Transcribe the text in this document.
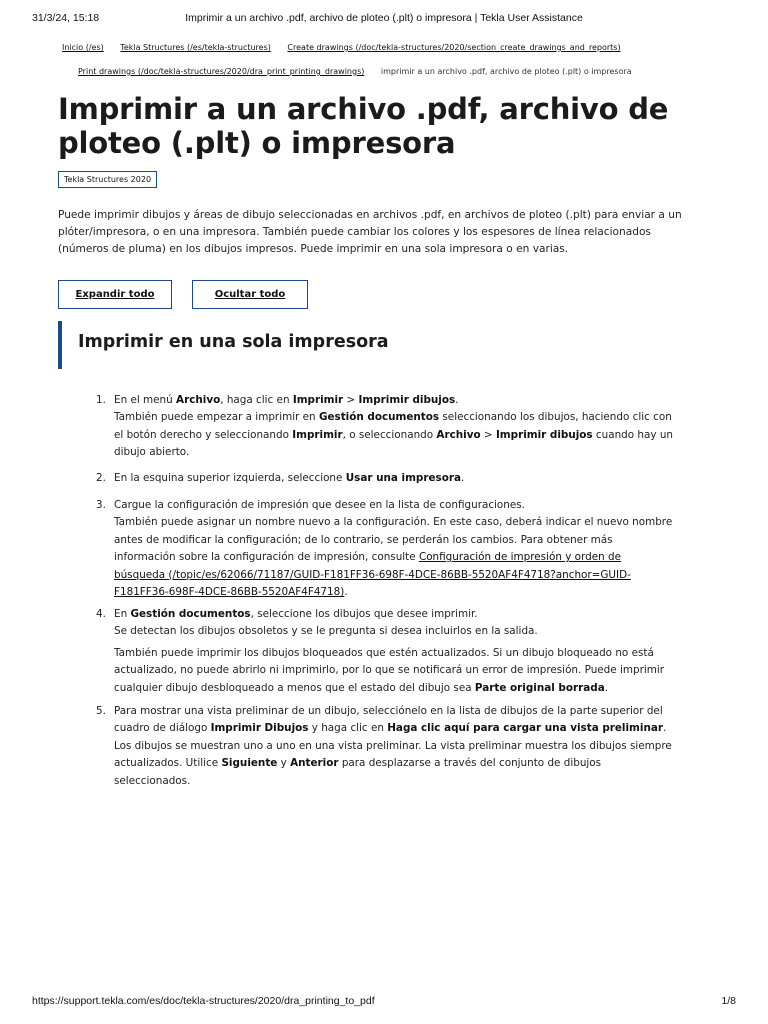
31/3/24, 15:18	Imprimir a un archivo .pdf, archivo de ploteo (.plt) o impresora | Tekla User Assistance
Inicio (/es) Tekla Structures (/es/tekla-structures) Create drawings (/doc/tekla-structures/2020/section_create_drawings_and_reports)
Print drawings (/doc/tekla-structures/2020/dra_print_printing_drawings) imprimir a un archivo .pdf, archivo de ploteo (.plt) o impresora
Imprimir a un archivo .pdf, archivo de ploteo (.plt) o impresora
Tekla Structures 2020

Puede imprimir dibujos y áreas de dibujo seleccionadas en archivos .pdf, en archivos de ploteo (.plt) para enviar a un plóter/impresora, o en una impresora. También puede cambiar los colores y los espesores de línea relacionados (números de pluma) en los dibujos impresos. Puede imprimir en una sola impresora o en varias.

Expandir todo	Ocultar todo
Imprimir en una sola impresora
1. En el menú Archivo, haga clic en Imprimir > Imprimir dibujos.

También puede empezar a imprimir en Gestión documentos seleccionando los dibujos, haciendo clic con el botón derecho y seleccionando Imprimir, o seleccionando Archivo > Imprimir dibujos cuando hay un dibujo abierto.

2. En la esquina superior izquierda, seleccione Usar una impresora.

3. Cargue la configuración de impresión que desee en la lista de configuraciones.

También puede asignar un nombre nuevo a la configuración. En este caso, deberá indicar el nuevo nombre antes de modificar la configuración; de lo contrario, se perderán los cambios. Para obtener más información sobre la configuración de impresión, consulte Configuración de impresión y orden de búsqueda (/topic/es/62066/71187/GUID-F181FF36-698F-4DCE-86BB-5520AF4F4718?anchor=GUID-F181FF36-698F-4DCE-86BB-5520AF4F4718).

4. En Gestión documentos, seleccione los dibujos que desee imprimir.

Se detectan los dibujos obsoletos y se le pregunta si desea incluirlos en la salida.

También puede imprimir los dibujos bloqueados que estén actualizados. Si un dibujo bloqueado no está actualizado, no puede abrirlo ni imprimirlo, por lo que se notificará un error de impresión. Puede imprimir cualquier dibujo desbloqueado a menos que el estado del dibujo sea Parte original borrada.

5. Para mostrar una vista preliminar de un dibujo, selecciónelo en la lista de dibujos de la parte superior del cuadro de diálogo Imprimir Dibujos y haga clic en Haga clic aquí para cargar una vista preliminar.

Los dibujos se muestran uno a uno en una vista preliminar. La vista preliminar muestra los dibujos siempre actualizados. Utilice Siguiente y Anterior para desplazarse a través del conjunto de dibujos seleccionados.

https://support.tekla.com/es/doc/tekla-structures/2020/dra_printing_to_pdf	1/8
